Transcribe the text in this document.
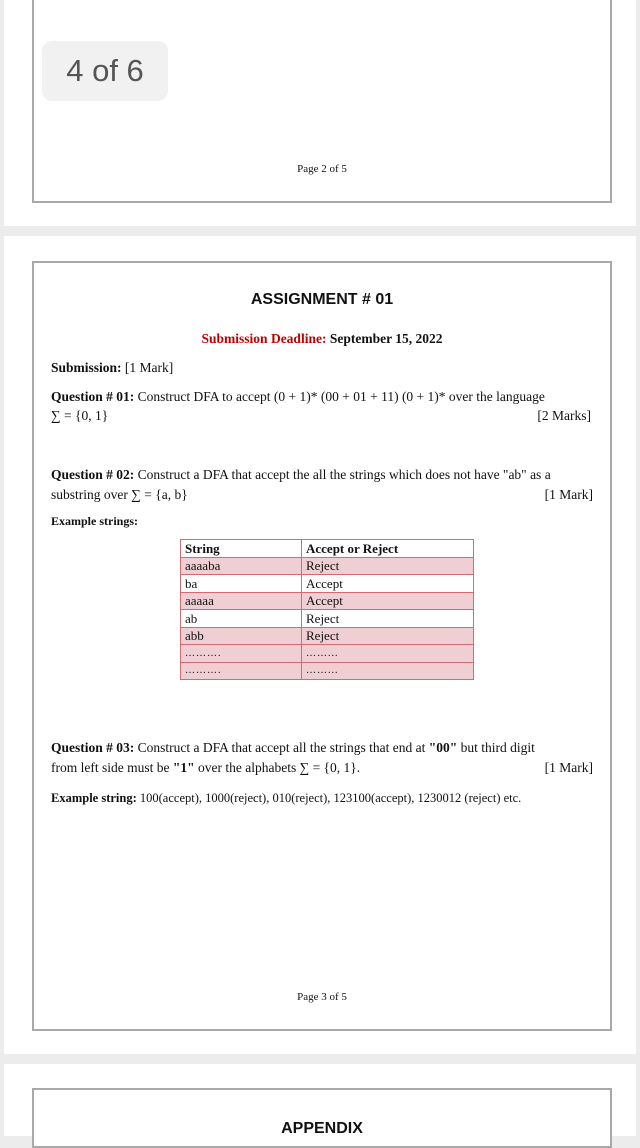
Page 2 of 5

4 of 6

ASSIGNMENT # 01

Submission Deadline: September 15, 2022

Submission: [1 Mark]

Question # 01: Construct DFA to accept (0 + 1)* (00 + 01 + 11) (0 + 1)* over the language

∑ = {0, 1}	[2 Marks]

Question # 02: Construct a DFA that accept the all the strings which does not have "ab" as a

substring over ∑ = {a, b}	[1 Mark]

Example strings:

String	Accept or Reject
aaaaba	Reject
ba	Accept
aaaaa	Accept
ab	Reject
abb	Reject
……….	……...
……….	……...

Question # 03: Construct a DFA that accept all the strings that end at "00" but third digit

from left side must be "1" over the alphabets ∑ = {0, 1}.	[1 Mark]

Example string: 100(accept), 1000(reject), 010(reject), 123100(accept), 1230012 (reject) etc.

Page 3 of 5

APPENDIX
